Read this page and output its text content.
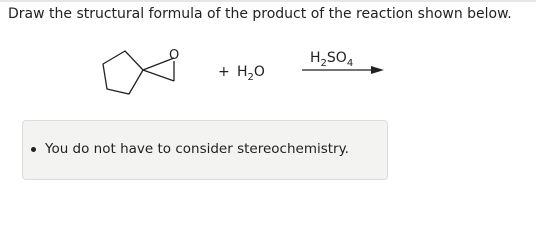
Draw the structural formula of the product of the reaction shown below.
O
+ $H_2O$
$H_2SO_4$
You do not have to consider stereochemistry.
